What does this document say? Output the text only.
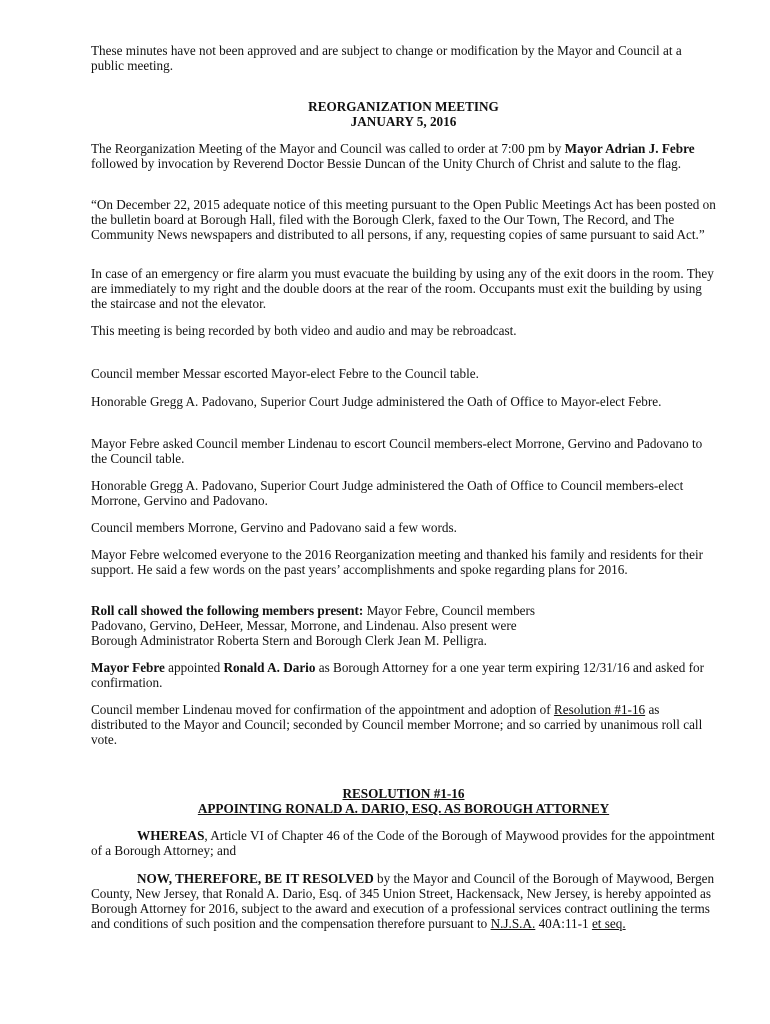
These minutes have not been approved and are subject to change or modification by the Mayor and Council at a public meeting.

REORGANIZATION MEETING
JANUARY 5, 2016

The Reorganization Meeting of the Mayor and Council was called to order at 7:00 pm by Mayor Adrian J. Febre followed by invocation by Reverend Doctor Bessie Duncan of the Unity Church of Christ and salute to the flag.

“On December 22, 2015 adequate notice of this meeting pursuant to the Open Public Meetings Act has been posted on the bulletin board at Borough Hall, filed with the Borough Clerk, faxed to the Our Town, The Record, and The Community News newspapers and distributed to all persons, if any, requesting copies of same pursuant to said Act.”

In case of an emergency or fire alarm you must evacuate the building by using any of the exit doors in the room. They are immediately to my right and the double doors at the rear of the room. Occupants must exit the building by using the staircase and not the elevator.

This meeting is being recorded by both video and audio and may be rebroadcast.

Council member Messar escorted Mayor-elect Febre to the Council table.

Honorable Gregg A. Padovano, Superior Court Judge administered the Oath of Office to Mayor-elect Febre.

Mayor Febre asked Council member Lindenau to escort Council members-elect Morrone, Gervino and Padovano to the Council table.

Honorable Gregg A. Padovano, Superior Court Judge administered the Oath of Office to Council members-elect Morrone, Gervino and Padovano.

Council members Morrone, Gervino and Padovano said a few words.

Mayor Febre welcomed everyone to the 2016 Reorganization meeting and thanked his family and residents for their support. He said a few words on the past years’ accomplishments and spoke regarding plans for 2016.

Roll call showed the following members present: Mayor Febre, Council members
Padovano, Gervino, DeHeer, Messar, Morrone, and Lindenau. Also present were
Borough Administrator Roberta Stern and Borough Clerk Jean M. Pelligra.

Mayor Febre appointed Ronald A. Dario as Borough Attorney for a one year term expiring 12/31/16 and asked for confirmation.

Council member Lindenau moved for confirmation of the appointment and adoption of Resolution #1-16 as distributed to the Mayor and Council; seconded by Council member Morrone; and so carried by unanimous roll call vote.

RESOLUTION #1-16
APPOINTING RONALD A. DARIO, ESQ. AS BOROUGH ATTORNEY

WHEREAS, Article VI of Chapter 46 of the Code of the Borough of Maywood provides for the appointment of a Borough Attorney; and

NOW, THEREFORE, BE IT RESOLVED by the Mayor and Council of the Borough of Maywood, Bergen County, New Jersey, that Ronald A. Dario, Esq. of 345 Union Street, Hackensack, New Jersey, is hereby appointed as Borough Attorney for 2016, subject to the award and execution of a professional services contract outlining the terms and conditions of such position and the compensation therefore pursuant to N.J.S.A. 40A:11-1 et seq.
